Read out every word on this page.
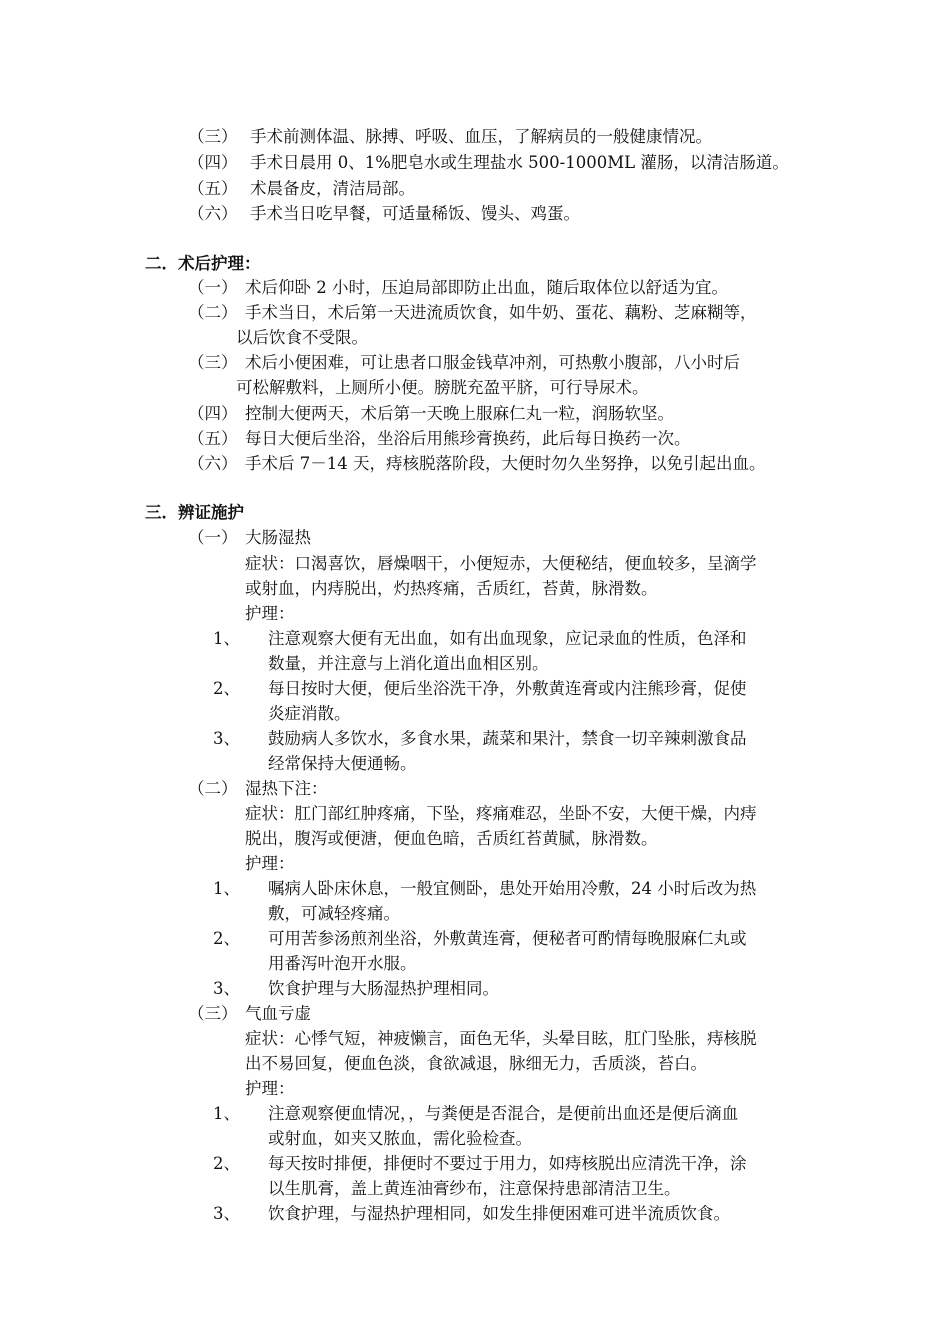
（三） 手术前测体温、脉搏、呼吸、血压，了解病员的一般健康情况。
（四） 手术日晨用 0、1%肥皂水或生理盐水 500-1000ML 灌肠，以清洁肠道。
（五） 术晨备皮，清洁局部。
（六） 手术当日吃早餐，可适量稀饭、馒头、鸡蛋。
二．术后护理：
（一） 术后仰卧 2 小时，压迫局部即防止出血，随后取体位以舒适为宜。
（二） 手术当日，术后第一天进流质饮食，如牛奶、蛋花、藕粉、芝麻糊等，
以后饮食不受限。
（三） 术后小便困难，可让患者口服金钱草冲剂，可热敷小腹部，八小时后
可松解敷料，上厕所小便。膀胱充盈平脐，可行导尿术。
（四） 控制大便两天，术后第一天晚上服麻仁丸一粒，润肠软坚。
（五） 每日大便后坐浴，坐浴后用熊珍膏换药，此后每日换药一次。
（六） 手术后 7－14 天，痔核脱落阶段，大便时勿久坐努挣，以免引起出血。
三．辨证施护
（一） 大肠湿热
症状：口渴喜饮，唇燥咽干，小便短赤，大便秘结，便血较多，呈滴学
或射血，内痔脱出，灼热疼痛，舌质红，苔黄，脉滑数。
护理：
1、 注意观察大便有无出血，如有出血现象，应记录血的性质，色泽和
数量，并注意与上消化道出血相区别。
2、 每日按时大便，便后坐浴洗干净，外敷黄连膏或内注熊珍膏，促使
炎症消散。
3、 鼓励病人多饮水，多食水果，蔬菜和果汁，禁食一切辛辣刺激食品
经常保持大便通畅。
（二） 湿热下注：
症状：肛门部红肿疼痛，下坠，疼痛难忍，坐卧不安，大便干燥，内痔
脱出，腹泻或便溏，便血色暗，舌质红苔黄腻，脉滑数。
护理：
1、 嘱病人卧床休息，一般宜侧卧，患处开始用冷敷，24 小时后改为热
敷，可减轻疼痛。
2、 可用苦参汤煎剂坐浴，外敷黄连膏，便秘者可酌情每晚服麻仁丸或
用番泻叶泡开水服。
3、 饮食护理与大肠湿热护理相同。
（三） 气血亏虚
症状：心悸气短，神疲懒言，面色无华，头晕目眩，肛门坠胀，痔核脱
出不易回复，便血色淡，食欲减退，脉细无力，舌质淡，苔白。
护理：
1、 注意观察便血情况，，与粪便是否混合，是便前出血还是便后滴血
或射血，如夹又脓血，需化验检查。
2、 每天按时排便，排便时不要过于用力，如痔核脱出应清洗干净，涂
以生肌膏，盖上黄连油膏纱布，注意保持患部清洁卫生。
3、 饮食护理，与湿热护理相同，如发生排便困难可进半流质饮食。
